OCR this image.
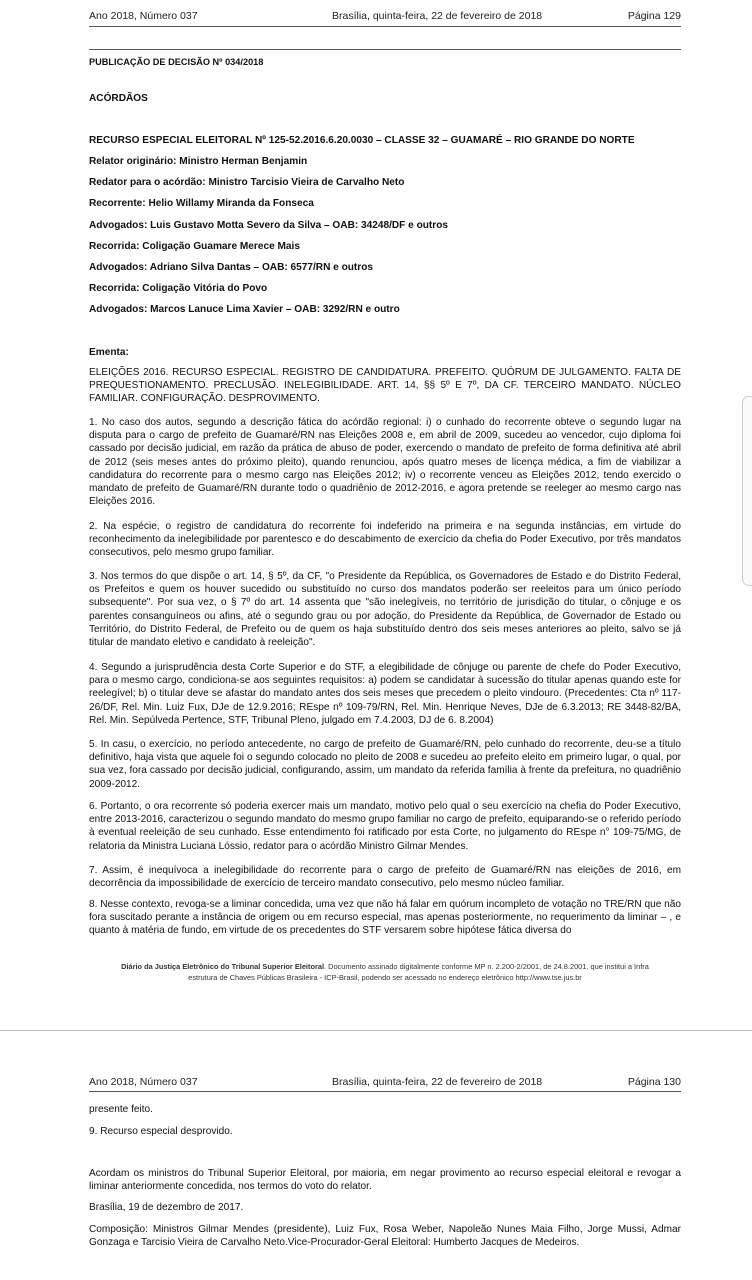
Ano 2018, Número 037	Brasília, quinta-feira, 22 de fevereiro de 2018	Página 129
PUBLICAÇÃO DE DECISÃO Nº 034/2018
ACÓRDÃOS
RECURSO ESPECIAL ELEITORAL Nº 125-52.2016.6.20.0030 – CLASSE 32 – GUAMARÉ – RIO GRANDE DO NORTE
Relator originário: Ministro Herman Benjamin
Redator para o acórdão: Ministro Tarcisio Vieira de Carvalho Neto
Recorrente: Helio Willamy Miranda da Fonseca
Advogados: Luis Gustavo Motta Severo da Silva – OAB: 34248/DF e outros
Recorrida: Coligação Guamare Merece Mais
Advogados: Adriano Silva Dantas – OAB: 6577/RN e outros
Recorrida: Coligação Vitória do Povo
Advogados: Marcos Lanuce Lima Xavier – OAB: 3292/RN e outro
Ementa:
ELEIÇÕES 2016. RECURSO ESPECIAL. REGISTRO DE CANDIDATURA. PREFEITO. QUÓRUM DE JULGAMENTO. FALTA DE PREQUESTIONAMENTO. PRECLUSÃO. INELEGIBILIDADE. ART. 14, §§ 5º E 7º, DA CF. TERCEIRO MANDATO. NÚCLEO FAMILIAR. CONFIGURAÇÃO. DESPROVIMENTO.
1. No caso dos autos, segundo a descrição fática do acórdão regional: i) o cunhado do recorrente obteve o segundo lugar na disputa para o cargo de prefeito de Guamaré/RN nas Eleições 2008 e, em abril de 2009, sucedeu ao vencedor, cujo diploma foi cassado por decisão judicial, em razão da prática de abuso de poder, exercendo o mandato de prefeito de forma definitiva até abril de 2012 (seis meses antes do próximo pleito), quando renunciou, após quatro meses de licença médica, a fim de viabilizar a candidatura do recorrente para o mesmo cargo nas Eleições 2012; iv) o recorrente venceu as Eleições 2012, tendo exercido o mandato de prefeito de Guamaré/RN durante todo o quadriênio de 2012-2016, e agora pretende se reeleger ao mesmo cargo nas Eleições 2016.
2. Na espécie, o registro de candidatura do recorrente foi indeferido na primeira e na segunda instâncias, em virtude do reconhecimento da inelegibilidade por parentesco e do descabimento de exercício da chefia do Poder Executivo, por três mandatos consecutivos, pelo mesmo grupo familiar.
3. Nos termos do que dispõe o art. 14, § 5º, da CF, "o Presidente da República, os Governadores de Estado e do Distrito Federal, os Prefeitos e quem os houver sucedido ou substituído no curso dos mandatos poderão ser reeleitos para um único período subsequente". Por sua vez, o § 7º do art. 14 assenta que "são inelegíveis, no território de jurisdição do titular, o cônjuge e os parentes consanguíneos ou afins, até o segundo grau ou por adoção, do Presidente da República, de Governador de Estado ou Território, do Distrito Federal, de Prefeito ou de quem os haja substituído dentro dos seis meses anteriores ao pleito, salvo se já titular de mandato eletivo e candidato à reeleição".
4. Segundo a jurisprudência desta Corte Superior e do STF, a elegibilidade de cônjuge ou parente de chefe do Poder Executivo, para o mesmo cargo, condiciona-se aos seguintes requisitos: a) podem se candidatar à sucessão do titular apenas quando este for reelegível; b) o titular deve se afastar do mandato antes dos seis meses que precedem o pleito vindouro. (Precedentes: Cta nº 117-26/DF, Rel. Min. Luiz Fux, DJe de 12.9.2016; REspe nº 109-79/RN, Rel. Min. Henrique Neves, DJe de 6.3.2013; RE 3448-82/BA, Rel. Min. Sepúlveda Pertence, STF, Tribunal Pleno, julgado em 7.4.2003, DJ de 6. 8.2004)
5. In casu, o exercício, no período antecedente, no cargo de prefeito de Guamaré/RN, pelo cunhado do recorrente, deu-se a título definitivo, haja vista que aquele foi o segundo colocado no pleito de 2008 e sucedeu ao prefeito eleito em primeiro lugar, o qual, por sua vez, fora cassado por decisão judicial, configurando, assim, um mandato da referida família à frente da prefeitura, no quadriênio 2009-2012.
6. Portanto, o ora recorrente só poderia exercer mais um mandato, motivo pelo qual o seu exercício na chefia do Poder Executivo, entre 2013-2016, caracterizou o segundo mandato do mesmo grupo familiar no cargo de prefeito, equiparando-se o referido período à eventual reeleição de seu cunhado. Esse entendimento foi ratificado por esta Corte, no julgamento do REspe n° 109-75/MG, de relatoria da Ministra Luciana Lóssio, redator para o acórdão Ministro Gilmar Mendes.
7. Assim, é inequívoca a inelegibilidade do recorrente para o cargo de prefeito de Guamaré/RN nas eleições de 2016, em decorrência da impossibilidade de exercício de terceiro mandato consecutivo, pelo mesmo núcleo familiar.
8. Nesse contexto, revoga-se a liminar concedida, uma vez que não há falar em quórum incompleto de votação no TRE/RN que não fora suscitado perante a instância de origem ou em recurso especial, mas apenas posteriormente, no requerimento da liminar – , e quanto à matéria de fundo, em virtude de os precedentes do STF versarem sobre hipótese fática diversa do
Diário da Justiça Eletrônico do Tribunal Superior Eleitoral. Documento assinado digitalmente conforme MP n. 2.200-2/2001, de 24.8.2001, que institui a Infra
estrutura de Chaves Públicas Brasileira - ICP-Brasil, podendo ser acessado no endereço eletrônico http://www.tse.jus.br
Ano 2018, Número 037	Brasília, quinta-feira, 22 de fevereiro de 2018	Página 130
presente feito.
9. Recurso especial desprovido.
Acordam os ministros do Tribunal Superior Eleitoral, por maioria, em negar provimento ao recurso especial eleitoral e revogar a liminar anteriormente concedida, nos termos do voto do relator.
Brasília, 19 de dezembro de 2017.
Composição: Ministros Gilmar Mendes (presidente), Luiz Fux, Rosa Weber, Napoleão Nunes Maia Filho, Jorge Mussi, Admar Gonzaga e Tarcisio Vieira de Carvalho Neto.Vice-Procurador-Geral Eleitoral: Humberto Jacques de Medeiros.
